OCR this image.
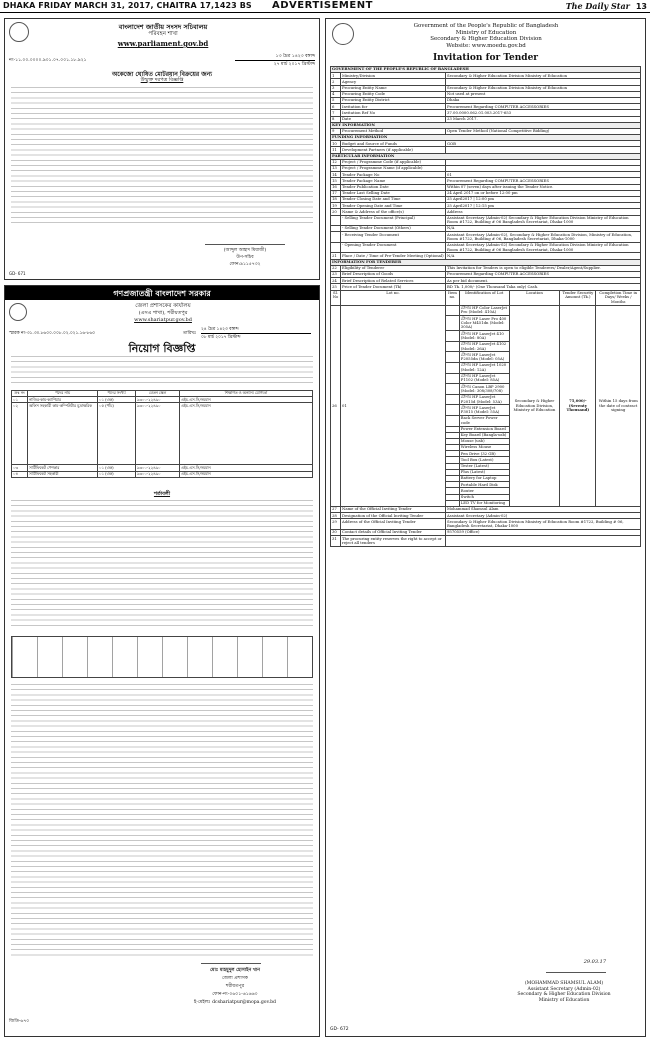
DHAKA FRIDAY MARCH 31, 2017, CHAITRA 17,1423 BS ADVERTISEMENT	The Daily Star 13
বাংলাদেশ জাতীয় সংসদ সচিবালয়
পরিবহন শাখা
www.parliament.gov.bd
নং-১১.০০.০০০০.৯০১.০৭.০০১.১৮.৯২১
১৩ চৈত্র ১৪২৩ বঙ্গাব্দ
২৭ মার্চ ২০১৭ খ্রিস্টাব্দ
অকেজো ঘোষিত মোটরযান বিক্রয়ের জন্য
উন্মুক্ত দরপত্র বিজ্ঞপ্তি
(আব্দুল আহাদ মিয়াজী)
উপ-সচিব
ফোন:৯১১৫৭৩২
GD- 671
গণপ্রজাতন্ত্রী বাংলাদেশ সরকার
জেলা প্রশাসকের কার্যালয়
(এসএ শাখা), শরীয়তপুর
www.shariatpur.gov.bd
স্মারক নং-৩১.৩০.৮৬০০.০০৮.০২.০২১.১৬-৮৬০	তারিখঃ
২৪ চৈত্র ১৪২৩ বঙ্গাব্দ
০৮ মার্চ ২০১৭ খ্রিস্টাব্দ
নিয়োগ বিজ্ঞপ্তি
ক্রঃ নং	পদের নাম	পদের সংখ্যা	বেতন স্কেল	শিক্ষাগত ও অন্যান্য যোগ্যতা
০১	নাজির-কাম-ক্যাশিয়ার	০১ (এক)	৯৩০০-২২৪৯০	এইচ.এস.সি/সমমান
০২	অফিস সহকারী কাম-কম্পিউটার মুদ্রাক্ষরিক	০৫ (পাঁচ)	৯৩০০-২২৪৯০	এইচ.এস.সি/সমমান
০৩	সার্টিফিকেট পেশকার	০১ (এক)	৯৩০০-২২৪৯০	এইচ.এস.সি/সমমান
০৪	সার্টিফিকেট সহকারী	০১ (এক)	৯৩০০-২২৪৯০	এইচ.এস.সি/সমমান
শর্তাবলী
মোঃ মাহমুদুল হোসাইন খান
জেলা প্রশাসক
শরীয়তপুর
ফোন-নং-০৬০১-৬১৬৬০
ই-মেইলঃ dcshariatpur@mopa.gov.bd
জিডি-৬৭০
Government of the People's Republic of Bangladesh
Ministry of Education
Secondary & Higher Education Division
Website: www.moedu.gov.bd
Invitation for Tender
GOVERNMENT OF THE PEOPLE'S REPUBLIC OF BANGLADESH						
1	Ministry/Division	Secondary & Higher Education Division Ministry of Education				
2	Agency					
3	Procuring Entity Name	Secondary & Higher Education Division Ministry of Education				
4	Procuring Entity Code	Not used at present				
5	Procuring Entity District	Dhaka				
6	Invitation for	Procurement Regarding COMPUTER ACCESSORIES				
7	Invitation Ref No	37.00.0000.062.01.003.2017-653				
8	Date	23 March 2017.				
KEY INFORMATION						
9	Procurement Method	Open Tender Method (National Competitive Bidding)				
FUNDING INFORMATION						
10	Budget and Source of Funds	GOB				
11	Development Partners (if applicable)					
PARTICULAR INFORMATION						
12	Project / Programme Code (if applicable)					
13	Project / Programme Name (if applicable)					
14	Tender Package No	01				
15	Tender Package Name	Procurement Regarding COMPUTER ACCESSORIES				
16	Tender Publication Date	Within 07 (seven) days after issuing the Tender Notice.				
17	Tender Last Selling Date	24 April 2017 on or before 12:00 pm				
18	Tender Closing Date and Time	25 April2017 | 12:00 pm				
19	Tender Opening Date and Time	25 April2017 | 12:15 pm				
20	Name & Address of the office(s)	Address				
	- Selling Tender Document (Principal)	Assistant Secretary (Admin-02) Secondary & Higher Education Division Ministry of Education Room #1722, Building # 06 Bangladesh Secretariat, Dhaka-1000				
	- Selling Tender Document (Others)	N/A				
	- Receiving Tender Document	Assistant Secretary (Admin-02), Secondary & Higher Education Division, Ministry of Education, Room #1722, Building # 06, Bangladesh Secretariat, Dhaka-1000				
	- Opening Tender Document	Assistant Secretary (Admin-02) Secondary & Higher Education Division Ministry of Education Room #1722, Building # 06 Bangladesh Secretariat, Dhaka-1000				
21	Place / Date / Time of Pre-Tender Meeting (Optional)	N/A				
INFORMATION FOR TENDERER						
22	Eligibility of Tenderer	This Invitation for Tenders is open to eligible Tenderers/ Dealer/Agent/Supplier.				
23	Brief Description of Goods	Procurement Regarding COMPUTER ACCESSORIES				
24	Brief Description of Related Services	As per bid document.				
25	Price of Tender Document (Tk)	BD Tk. 1,000/- (One Thousand Taka only) Cash.				
Sl. No	Lot no.	Item no.	Identification of Lot	Location	Tender Security Amount (Tk.)	Completion Time in Days/ Weeks / Months
26	01		টোনার HP Color LaserJet Pro (Model: 410A)	Secondary & Higher Education Division, Ministry of Education	75,000/- (Seventy Thousand)	Within 15 days from the date of contract signing
			টোনার HP Laser Pro 400 Color M451dn (Model: 305A)			
			টোনার HP LaserJet 410 (Model: 80A)			
			টোনার HP LaserJet 4102 (Model: 26A)			
			টোনার HP LaserJet P2055dn (Model: 05A)			
			টোনার HP LaserJet 1020 (Model: 12A)			
			টোনার HP LaserJet P1102 (Model: 85A)			
			টোনার Canon LBP 2900 (Model: 308/308/708)			
			টোনার HP LaserJet P2015d (Model: 53A)			
			টোনার HP LaserJet P3015 (Model: 55A)			
			Back Server Power code			
			Power Extension Board			
			Key Board (Bangla-usb)			
			Mouse (usb)			
			Wireless Mouse			
			Pen Drive (32 GB)			
			Tool Box (Latest)			
			Tester (Latest)			
			Plus (Latest)			
			Battery for Laptop			
			Portable Hard Disk			
			Router			
			Switch			
			LED TV for Monitoring			
27	Name of the Official Inviting Tender	Mohammad Shamsul Alam				
28	Designation of the Official Inviting Tender	Assistant Secretary (Admin-02)				
29	Address of the Official Inviting Tender	Secondary & Higher Education Division Ministry of Education Room #1722, Building # 06, Bangladesh Secretariat, Dhaka-1000				
30	Contact details of Official Inviting Tender	9570559 (Office)				
31	The procuring entity reserves the right to accept or reject all tenders					
29.03.17
(MOHAMMAD SHAMSUL ALAM)
Assistant Secretary (Admin-02)
Secondary & Higher Education Division
Ministry of Education
GD- 672
